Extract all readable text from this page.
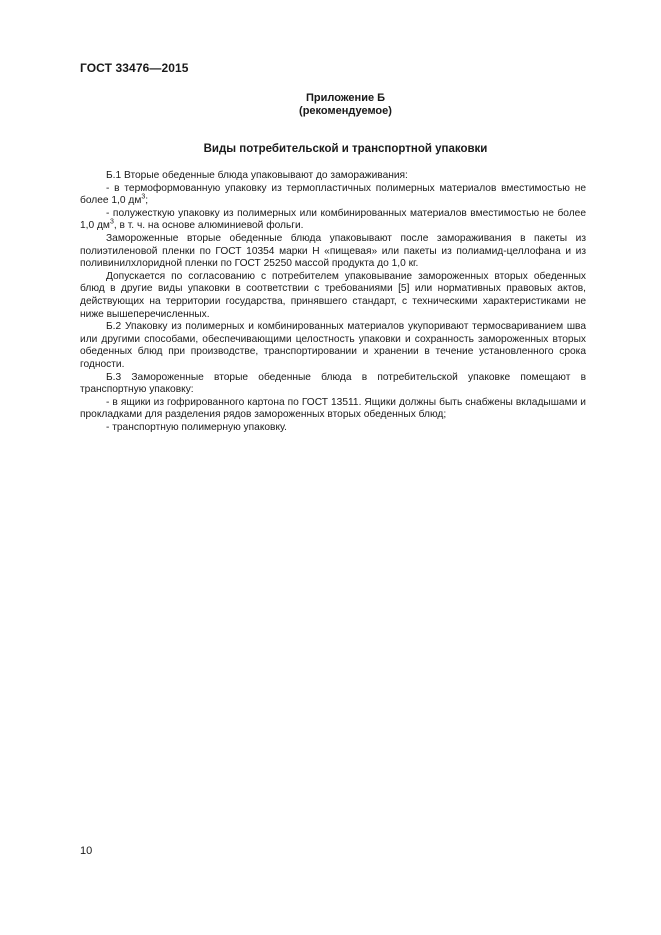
ГОСТ 33476—2015
Приложение Б
(рекомендуемое)
Виды потребительской и транспортной упаковки

Б.1 Вторые обеденные блюда упаковывают до замораживания:

- в термоформованную упаковку из термопластичных полимерных материалов вместимостью не более 1,0 $дм^3$;

- полужесткую упаковку из полимерных или комбинированных материалов вместимостью не более 1,0 $дм^3$, в т. ч. на основе алюминиевой фольги.

Замороженные вторые обеденные блюда упаковывают после замораживания в пакеты из полиэтиленовой пленки по ГОСТ 10354 марки Н «пищевая» или пакеты из полиамид-целлофана и из поливинилхлоридной пленки по ГОСТ 25250 массой продукта до 1,0 кг.

Допускается по согласованию с потребителем упаковывание замороженных вторых обеденных блюд в другие виды упаковки в соответствии с требованиями [5] или нормативных правовых актов, действующих на территории государства, принявшего стандарт, с техническими характеристиками не ниже вышеперечисленных.

Б.2 Упаковку из полимерных и комбинированных материалов укупоривают термосвариванием шва или другими способами, обеспечивающими целостность упаковки и сохранность замороженных вторых обеденных блюд при производстве, транспортировании и хранении в течение установленного срока годности.

Б.3 Замороженные вторые обеденные блюда в потребительской упаковке помещают в транспортную упаковку:

- в ящики из гофрированного картона по ГОСТ 13511. Ящики должны быть снабжены вкладышами и прокладками для разделения рядов замороженных вторых обеденных блюд;

- транспортную полимерную упаковку.

10
